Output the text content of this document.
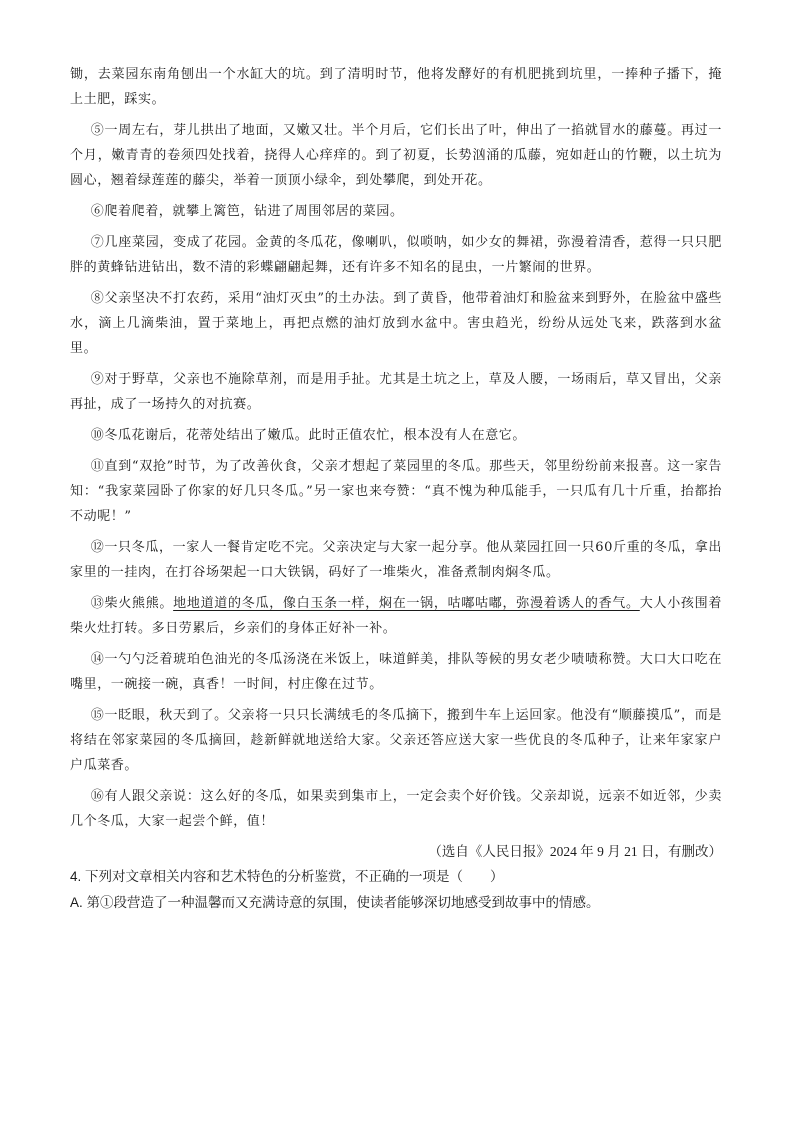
锄，去菜园东南角刨出一个水缸大的坑。到了清明时节，他将发酵好的有机肥挑到坑里，一捧种子播下，掩上土肥，踩实。

⑤一周左右，芽儿拱出了地面，又嫩又壮。半个月后，它们长出了叶，伸出了一掐就冒水的藤蔓。再过一个月，嫩青青的卷须四处找着，挠得人心痒痒的。到了初夏，长势汹涌的瓜藤，宛如赶山的竹鞭，以土坑为圆心，翘着绿莲莲的藤尖，举着一顶顶小绿伞，到处攀爬，到处开花。

⑥爬着爬着，就攀上篱笆，钻进了周围邻居的菜园。

⑦几座菜园，变成了花园。金黄的冬瓜花，像喇叭，似唢呐，如少女的舞裙，弥漫着清香，惹得一只只肥胖的黄蜂钻进钻出，数不清的彩蝶翩翩起舞，还有许多不知名的昆虫，一片繁闹的世界。

⑧父亲坚决不打农药，采用“油灯灭虫”的土办法。到了黄昏，他带着油灯和脸盆来到野外，在脸盆中盛些水，滴上几滴柴油，置于菜地上，再把点燃的油灯放到水盆中。害虫趋光，纷纷从远处飞来，跌落到水盆里。

⑨对于野草，父亲也不施除草剂，而是用手扯。尤其是土坑之上，草及人腰，一场雨后，草又冒出，父亲再扯，成了一场持久的对抗赛。

⑩冬瓜花谢后，花蒂处结出了嫩瓜。此时正值农忙，根本没有人在意它。

⑪直到“双抢”时节，为了改善伙食，父亲才想起了菜园里的冬瓜。那些天，邻里纷纷前来报喜。这一家告知：“我家菜园卧了你家的好几只冬瓜。”另一家也来夸赞：“真不愧为种瓜能手，一只瓜有几十斤重，抬都抬不动呢！”

⑫一只冬瓜，一家人一餐肯定吃不完。父亲决定与大家一起分享。他从菜园扛回一只60斤重的冬瓜，拿出家里的一挂肉，在打谷场架起一口大铁锅，码好了一堆柴火，准备煮制肉焖冬瓜。

⑬柴火熊熊。地地道道的冬瓜，像白玉条一样，焖在一锅，咕嘟咕嘟，弥漫着诱人的香气。大人小孩围着柴火灶打转。多日劳累后，乡亲们的身体正好补一补。

⑭一勺勺泛着琥珀色油光的冬瓜汤浇在米饭上，味道鲜美，排队等候的男女老少啧啧称赞。大口大口吃在嘴里，一碗接一碗，真香！一时间，村庄像在过节。

⑮一眨眼，秋天到了。父亲将一只只长满绒毛的冬瓜摘下，搬到牛车上运回家。他没有“顺藤摸瓜”，而是将结在邻家菜园的冬瓜摘回，趁新鲜就地送给大家。父亲还答应送大家一些优良的冬瓜种子，让来年家家户户瓜菜香。

⑯有人跟父亲说：这么好的冬瓜，如果卖到集市上，一定会卖个好价钱。父亲却说，远亲不如近邻，少卖几个冬瓜，大家一起尝个鲜，值！

（选自《人民日报》2024 年 9 月 21 日，有删改）

4. 下列对文章相关内容和艺术特色的分析鉴赏，不正确的一项是（　　）

A. 第①段营造了一种温馨而又充满诗意的氛围，使读者能够深切地感受到故事中的情感。
